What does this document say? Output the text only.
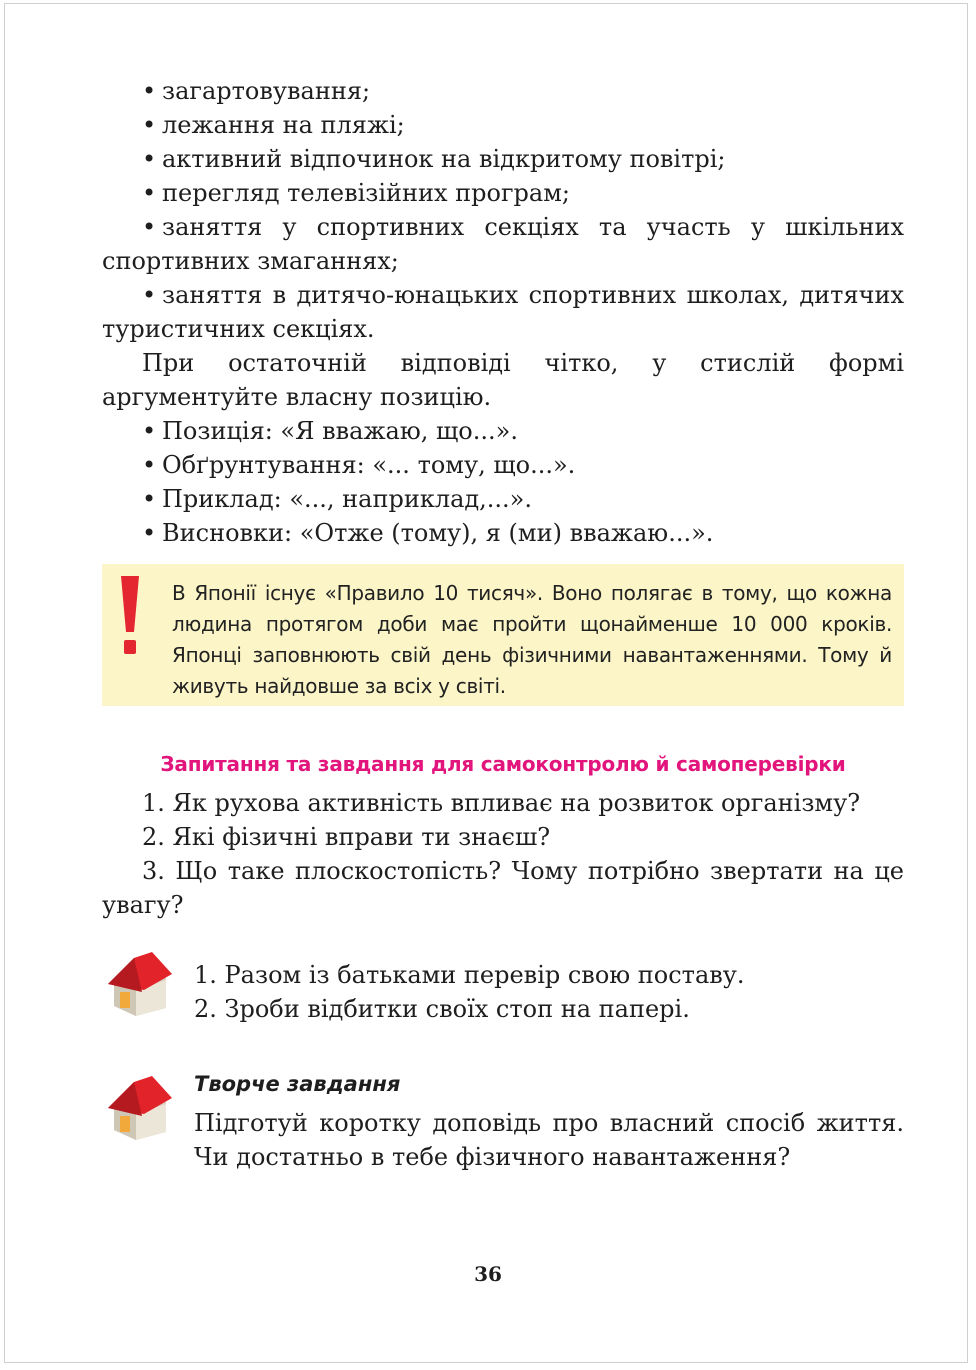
• загартовування;
• лежання на пляжі;
• активний відпочинок на відкритому повітрі;
• перегляд телевізійних програм;
• заняття у спортивних секціях та участь у шкільних спортивних змаганнях;
• заняття в дитячо-юнацьких спортивних школах, дитячих туристичних секціях.
При остаточній відповіді чітко, у стислій формі аргументуйте власну позицію.
• Позиція: «Я вважаю, що...».
• Обґрунтування: «... тому, що...».
• Приклад: «..., наприклад,...».
• Висновки: «Отже (тому), я (ми) вважаю...».
В Японії існує «Правило 10 тисяч». Воно полягає в тому, що кожна людина протягом доби має пройти щонайменше 10 000 кроків. Японці заповнюють свій день фізичними навантаженнями. Тому й живуть найдовше за всіх у світі.
Запитання та завдання для самоконтролю й самоперевірки
1. Як рухова активність впливає на розвиток організму?
2. Які фізичні вправи ти знаєш?
3. Що таке плоскостопість? Чому потрібно звертати на це увагу?
1. Разом із батьками перевір свою поставу.
2. Зроби відбитки своїх стоп на папері.
Творче завдання
Підготуй коротку доповідь про власний спосіб життя. Чи достатньо в тебе фізичного навантаження?
36
